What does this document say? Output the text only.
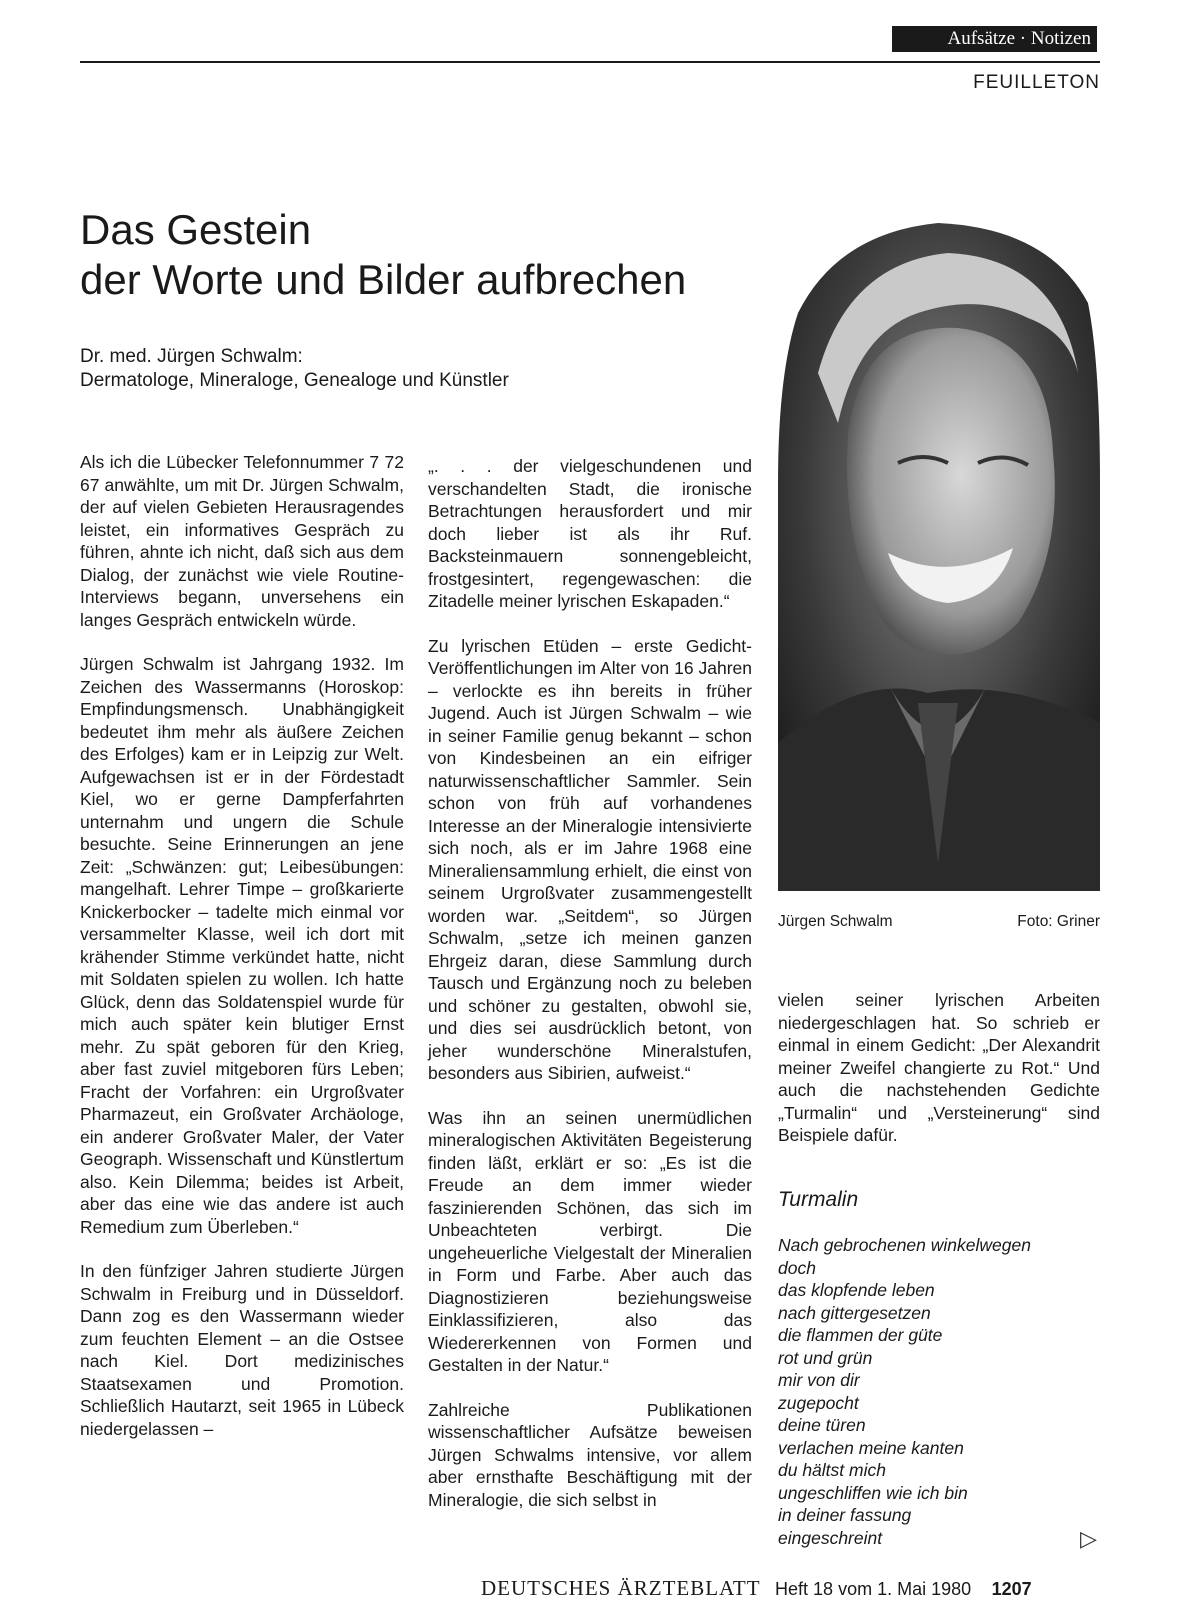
Aufsätze · Notizen
FEUILLETON
Das Gestein
der Worte und Bilder aufbrechen
Dr. med. Jürgen Schwalm:
Dermatologe, Mineraloge, Genealoge und Künstler

Als ich die Lübecker Telefonnummer 7 72 67 anwählte, um mit Dr. Jürgen Schwalm, der auf vielen Gebieten Herausragendes leistet, ein informatives Gespräch zu führen, ahnte ich nicht, daß sich aus dem Dialog, der zunächst wie viele Routine-Interviews begann, unversehens ein langes Gespräch entwickeln würde.

Jürgen Schwalm ist Jahrgang 1932. Im Zeichen des Wassermanns (Horoskop: Empfindungsmensch. Unabhängigkeit bedeutet ihm mehr als äußere Zeichen des Erfolges) kam er in Leipzig zur Welt. Aufgewachsen ist er in der Fördestadt Kiel, wo er gerne Dampferfahrten unternahm und ungern die Schule besuchte. Seine Erinnerungen an jene Zeit: „Schwänzen: gut; Leibesübungen: mangelhaft. Lehrer Timpe – großkarierte Knickerbocker – tadelte mich einmal vor versammelter Klasse, weil ich dort mit krähender Stimme verkündet hatte, nicht mit Soldaten spielen zu wollen. Ich hatte Glück, denn das Soldatenspiel wurde für mich auch später kein blutiger Ernst mehr. Zu spät geboren für den Krieg, aber fast zuviel mitgeboren fürs Leben; Fracht der Vorfahren: ein Urgroßvater Pharmazeut, ein Großvater Archäologe, ein anderer Großvater Maler, der Vater Geograph. Wissenschaft und Künstlertum also. Kein Dilemma; beides ist Arbeit, aber das eine wie das andere ist auch Remedium zum Überleben.“

In den fünfziger Jahren studierte Jürgen Schwalm in Freiburg und in Düsseldorf. Dann zog es den Wassermann wieder zum feuchten Element – an die Ostsee nach Kiel. Dort medizinisches Staatsexamen und Promotion. Schließlich Hautarzt, seit 1965 in Lübeck niedergelassen –

„. . . der vielgeschundenen und verschandelten Stadt, die ironische Betrachtungen herausfordert und mir doch lieber ist als ihr Ruf. Backsteinmauern sonnengebleicht, frostgesintert, regengewaschen: die Zitadelle meiner lyrischen Eskapaden.“

Zu lyrischen Etüden – erste Gedicht-Veröffentlichungen im Alter von 16 Jahren – verlockte es ihn bereits in früher Jugend. Auch ist Jürgen Schwalm – wie in seiner Familie genug bekannt – schon von Kindesbeinen an ein eifriger naturwissenschaftlicher Sammler. Sein schon von früh auf vorhandenes Interesse an der Mineralogie intensivierte sich noch, als er im Jahre 1968 eine Mineraliensammlung erhielt, die einst von seinem Urgroßvater zusammengestellt worden war. „Seitdem“, so Jürgen Schwalm, „setze ich meinen ganzen Ehrgeiz daran, diese Sammlung durch Tausch und Ergänzung noch zu beleben und schöner zu gestalten, obwohl sie, und dies sei ausdrücklich betont, von jeher wunderschöne Mineralstufen, besonders aus Sibirien, aufweist.“

Was ihn an seinen unermüdlichen mineralogischen Aktivitäten Begeisterung finden läßt, erklärt er so: „Es ist die Freude an dem immer wieder faszinierenden Schönen, das sich im Unbeachteten verbirgt. Die ungeheuerliche Vielgestalt der Mineralien in Form und Farbe. Aber auch das Diagnostizieren beziehungsweise Einklassifizieren, also das Wiedererkennen von Formen und Gestalten in der Natur.“

Zahlreiche Publikationen wissenschaftlicher Aufsätze beweisen Jürgen Schwalms intensive, vor allem aber ernsthafte Beschäftigung mit der Mineralogie, die sich selbst in

Jürgen Schwalm	Foto: Griner

vielen seiner lyrischen Arbeiten niedergeschlagen hat. So schrieb er einmal in einem Gedicht: „Der Alexandrit meiner Zweifel changierte zu Rot.“ Und auch die nachstehenden Gedichte „Turmalin“ und „Versteinerung“ sind Beispiele dafür.

Turmalin
Nach gebrochenen winkelwegen
doch
das klopfende leben
nach gittergesetzen
die flammen der güte
rot und grün
mir von dir
zugepocht
deine türen
verlachen meine kanten
du hältst mich
ungeschliffen wie ich bin
in deiner fassung
eingeschreint	▷
DEUTSCHES ÄRZTEBLATT Heft 18 vom 1. Mai 1980 1207
